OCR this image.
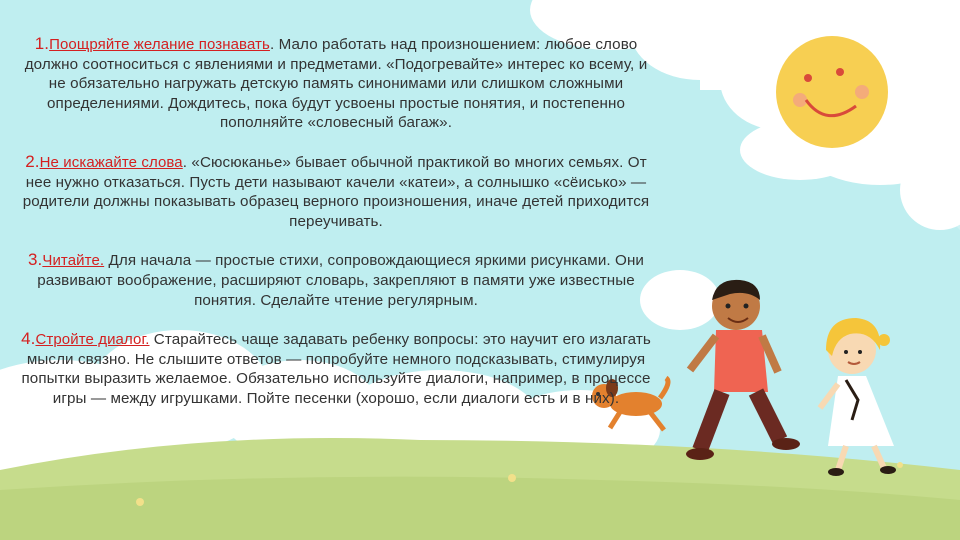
1.Поощряйте желание познавать. Мало работать над произношением: любое слово должно соотноситься с явлениями и предметами. «Подогревайте» интерес ко всему, и не обязательно нагружать детскую память синонимами или слишком сложными определениями. Дождитесь, пока будут усвоены простые понятия, и постепенно пополняйте «словесный багаж».

2.Не искажайте слова. «Сюсюканье» бывает обычной практикой во многих семьях. От нее нужно отказаться. Пусть дети называют качели «катеи», а солнышко «сёиськo» — родители должны показывать образец верного произношения, иначе детей приходится переучивать.

3.Читайте. Для начала — простые стихи, сопровождающиеся яркими рисунками. Они развивают воображение, расширяют словарь, закрепляют в памяти уже известные понятия. Сделайте чтение регулярным.

4.Стройте диалог. Старайтесь чаще задавать ребенку вопросы: это научит его излагать мысли связно. Не слышите ответов — попробуйте немного подсказывать, стимулируя попытки выразить желаемое. Обязательно используйте диалоги, например, в процессе игры — между игрушками. Пойте песенки (хорошо, если диалоги есть и в них).
